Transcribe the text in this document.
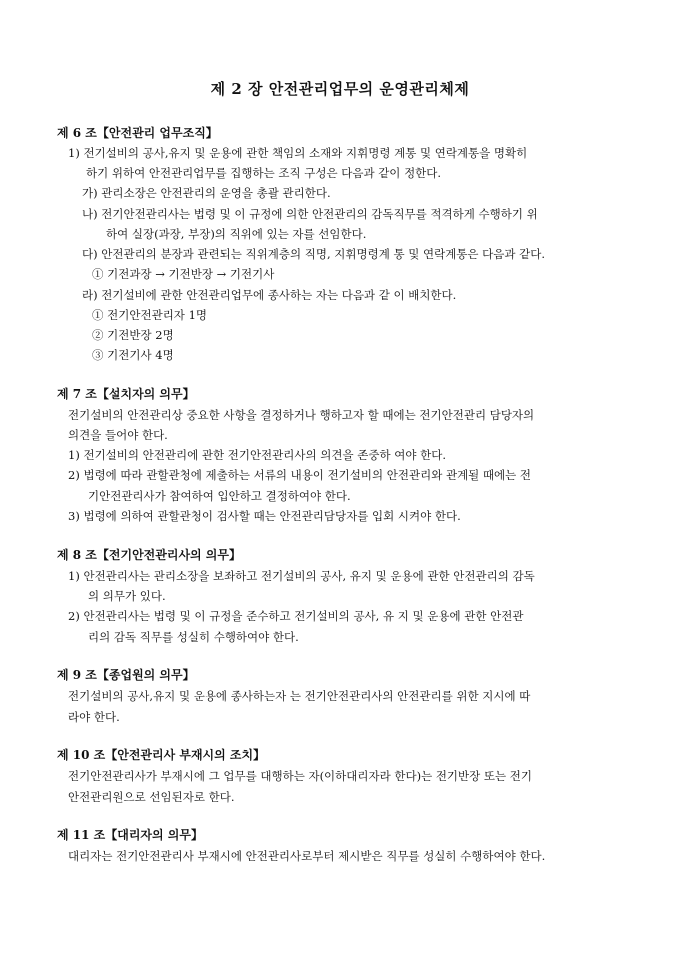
제 2 장 안전관리업무의 운영관리체제
제 6 조【안전관리 업무조직】
1) 전기설비의 공사,유지 및 운용에 관한 책임의 소재와 지휘명령 계통 및 연락계통을 명확히
하기 위하여 안전관리업무를 집행하는 조직 구성은 다음과 같이 정한다.
가) 관리소장은 안전관리의 운영을 총괄 관리한다.
나) 전기안전관리사는 법령 및 이 규정에 의한 안전관리의 감독직무를 적격하게 수행하기 위
하여 실장(과장, 부장)의 직위에 있는 자를 선임한다.
다) 안전관리의 분장과 관련되는 직위계층의 직명, 지휘명령계 통 및 연락계통은 다음과 같다.
① 기전과장 → 기전반장 → 기전기사
라) 전기설비에 관한 안전관리업무에 종사하는 자는 다음과 같 이 배치한다.
① 전기안전관리자 1명
② 기전반장 2명
③ 기전기사 4명
제 7 조【설치자의 의무】
전기설비의 안전관리상 중요한 사항을 결정하거나 행하고자 할 때에는 전기안전관리 담당자의
의견을 들어야 한다.
1) 전기설비의 안전관리에 관한 전기안전관리사의 의견을 존중하 여야 한다.
2) 법령에 따라 관할관청에 제출하는 서류의 내용이 전기설비의 안전관리와 관계될 때에는 전
기안전관리사가 참여하여 입안하고 결정하여야 한다.
3) 법령에 의하여 관할관청이 검사할 때는 안전관리담당자를 입회 시켜야 한다.
제 8 조【전기안전관리사의 의무】
1) 안전관리사는 관리소장을 보좌하고 전기설비의 공사, 유지 및 운용에 관한 안전관리의 감독
의 의무가 있다.
2) 안전관리사는 법령 및 이 규정을 준수하고 전기설비의 공사, 유 지 및 운용에 관한 안전관
리의 감독 직무를 성실히 수행하여야 한다.
제 9 조【종업원의 의무】
전기설비의 공사,유지 및 운용에 종사하는자 는 전기안전관리사의 안전관리를 위한 지시에 따
라야 한다.
제 10 조【안전관리사 부재시의 조치】
전기안전관리사가 부재시에 그 업무를 대행하는 자(이하대리자라 한다)는 전기반장 또는 전기
안전관리원으로 선임된자로 한다.
제 11 조【대리자의 의무】
대리자는 전기안전관리사 부재시에 안전관리사로부터 제시받은 직무를 성실히 수행하여야 한다.
